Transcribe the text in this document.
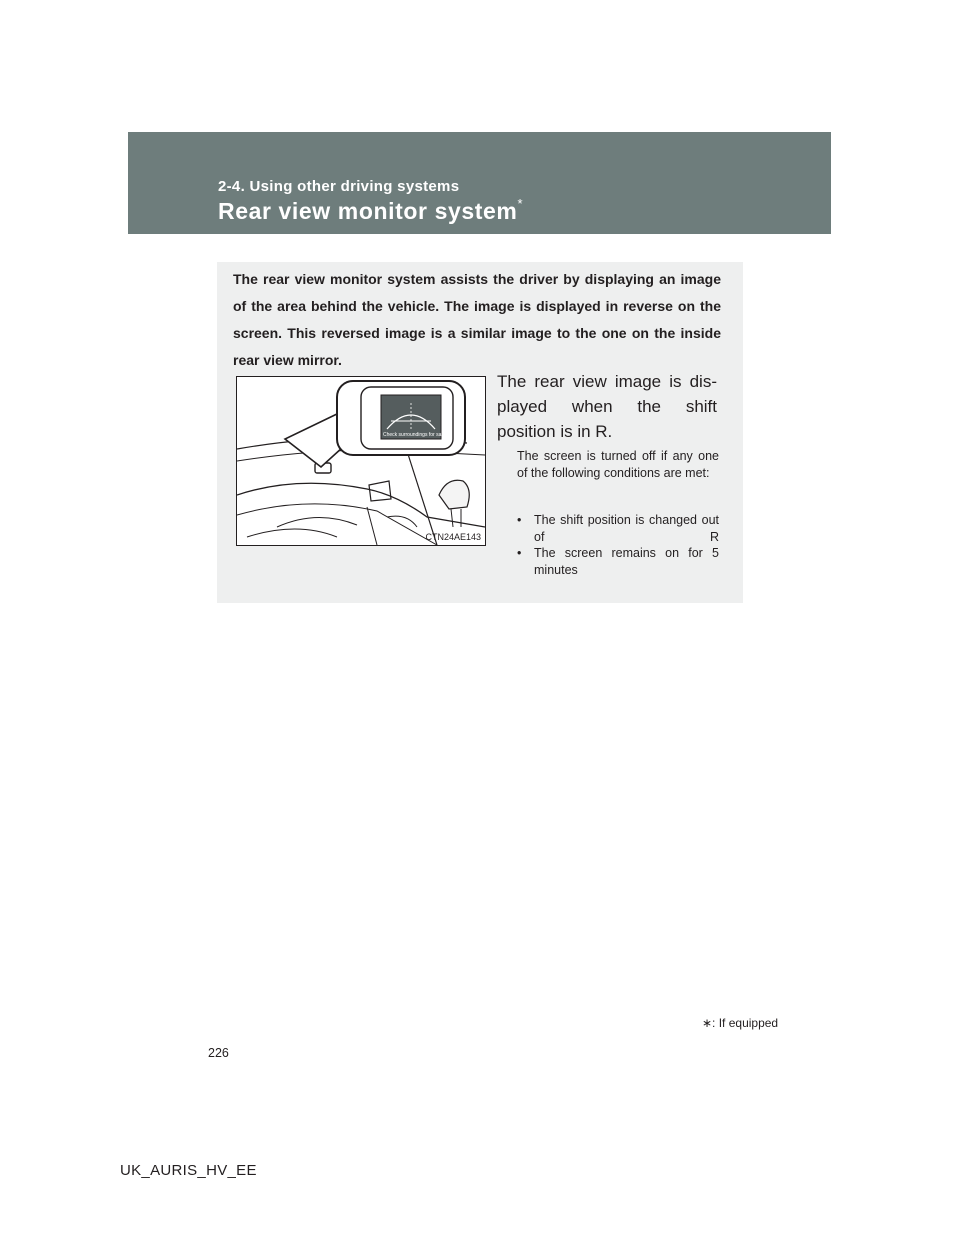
2-4. Using other driving systems
Rear view monitor system*
The rear view monitor system assists the driver by displaying an image of the area behind the vehicle. The image is displayed in reverse on the screen. This reversed image is a similar image to the one on the inside rear view mirror.
Check surroundings for safety
CTN24AE143
The rear view image is dis-played when the shift position is in R.
The screen is turned off if any one of the following conditions are met:
• The shift position is changed out of R
• The screen remains on for 5 minutes
∗: If equipped
226
UK_AURIS_HV_EE
